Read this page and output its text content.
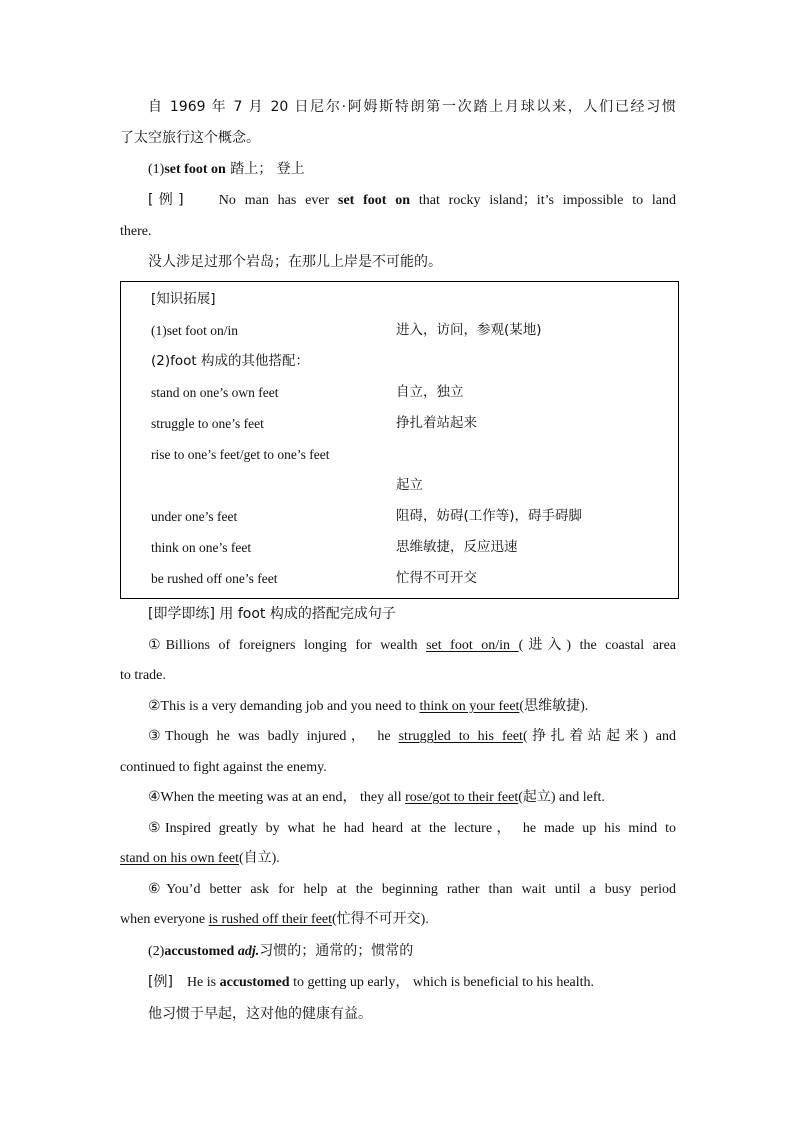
自 1969 年 7 月 20 日尼尔·阿姆斯特朗第一次踏上月球以来，人们已经习惯
了太空旅行这个概念。
(1)set foot on 踏上； 登上
[例]	No man has ever set foot on that rocky island；it’s impossible to land
there.
没人涉足过那个岩岛；在那儿上岸是不可能的。
[知识拓展]
(1)set foot on/in	进入，访问，参观(某地)
(2)foot 构成的其他搭配：
stand on one’s own feet	自立，独立
struggle to one’s feet	挣扎着站起来
rise to one’s feet/get to one’s feet
起立
under one’s feet	阻碍，妨碍(工作等)，碍手碍脚
think on one’s feet	思维敏捷，反应迅速
be rushed off one’s feet	忙得不可开交
[即学即练] 用 foot 构成的搭配完成句子
①Billions of foreigners longing for wealth set foot on/in (进入) the coastal area
to trade.
②This is a very demanding job and you need to think on your feet(思维敏捷).
③Though he was badly injured， he struggled to his feet(挣扎着站起来) and
continued to fight against the enemy.
④When the meeting was at an end， they all rose/got to their feet(起立) and left.
⑤Inspired greatly by what he had heard at the lecture， he made up his mind to
stand on his own feet(自立).
⑥You’d better ask for help at the beginning rather than wait until a busy period
when everyone is rushed off their feet(忙得不可开交).
(2)accustomed adj.习惯的；通常的；惯常的
[例] He is accustomed to getting up early， which is beneficial to his health.
他习惯于早起，这对他的健康有益。
